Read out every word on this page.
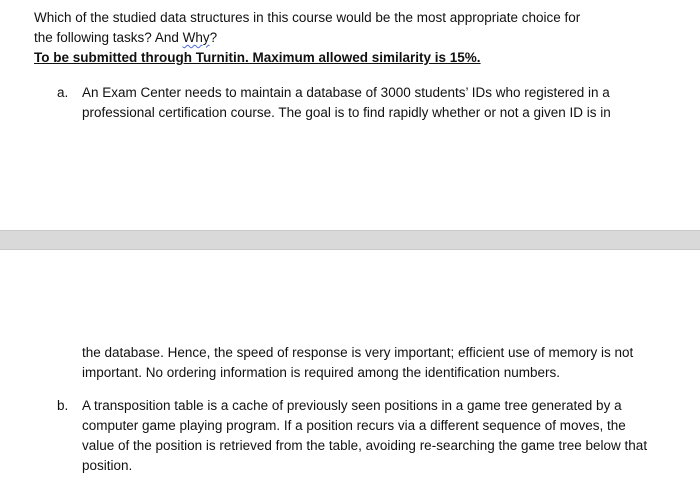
Which of the studied data structures in this course would be the most appropriate choice for
the following tasks? And Why?

To be submitted through Turnitin. Maximum allowed similarity is 15%.

a. An Exam Center needs to maintain a database of 3000 students’ IDs who registered in a professional certification course. The goal is to find rapidly whether or not a given ID is in
the database. Hence, the speed of response is very important; efficient use of memory is not important. No ordering information is required among the identification numbers.
b. A transposition table is a cache of previously seen positions in a game tree generated by a computer game playing program. If a position recurs via a different sequence of moves, the value of the position is retrieved from the table, avoiding re-searching the game tree below that position.
